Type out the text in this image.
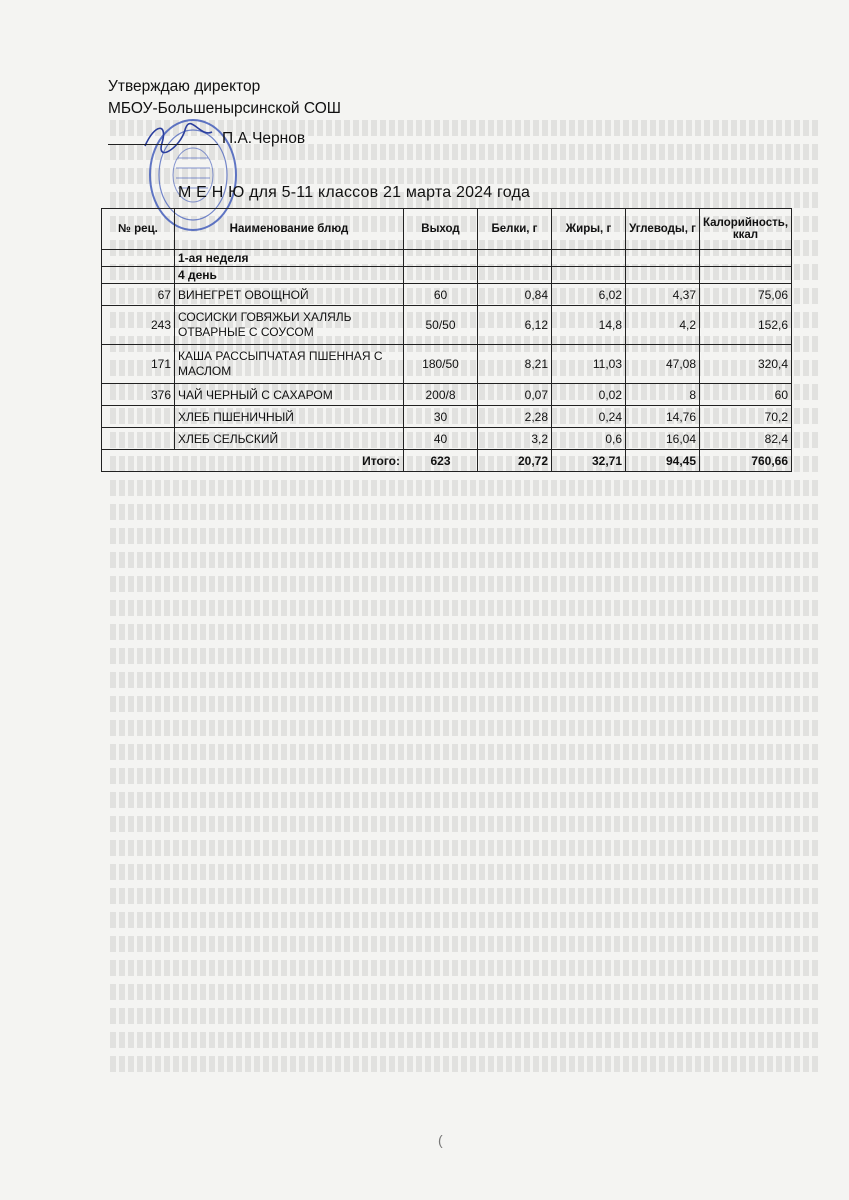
Утверждаю директор
МБОУ-Большенырсинской СОШ
П.А.Чернов
М Е Н Ю для 5-11 классов 21 марта 2024 года
№ рец.	Наименование блюд	Выход	Белки, г	Жиры, г	Углеводы, г	Калорийность, ккал
	1-ая неделя					
	4 день					
67	ВИНЕГРЕТ ОВОЩНОЙ	60	0,84	6,02	4,37	75,06
243	СОСИСКИ ГОВЯЖЬИ ХАЛЯЛЬ ОТВАРНЫЕ С СОУСОМ	50/50	6,12	14,8	4,2	152,6
171	КАША РАССЫПЧАТАЯ ПШЕННАЯ С МАСЛОМ	180/50	8,21	11,03	47,08	320,4
376	ЧАЙ ЧЕРНЫЙ С САХАРОМ	200/8	0,07	0,02	8	60
	ХЛЕБ ПШЕНИЧНЫЙ	30	2,28	0,24	14,76	70,2
	ХЛЕБ СЕЛЬСКИЙ	40	3,2	0,6	16,04	82,4
Итого:		623	20,72	32,71	94,45	760,66
(
